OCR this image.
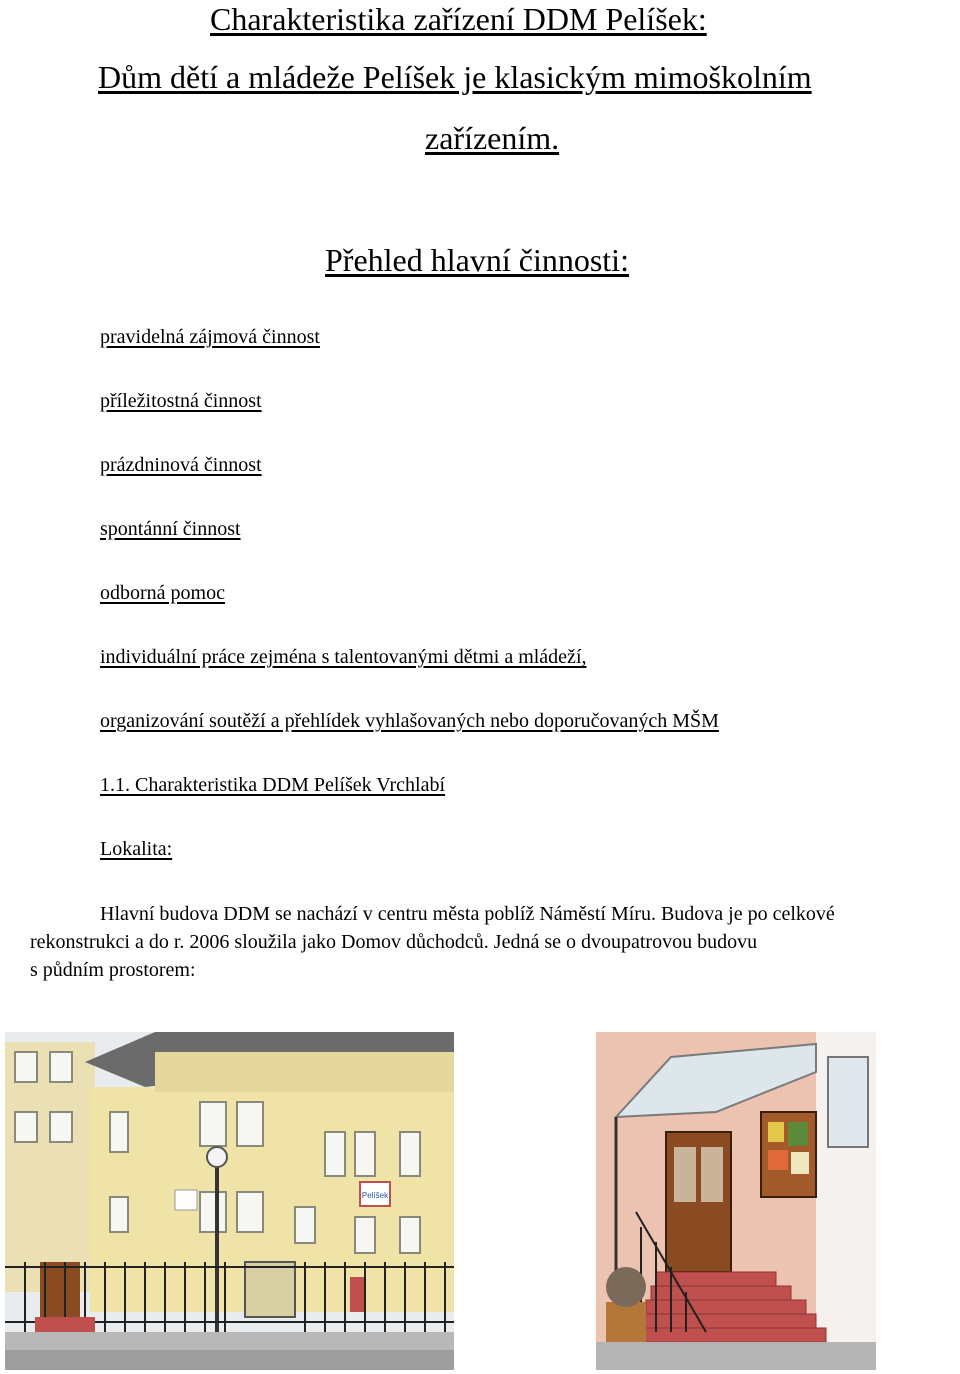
Charakteristika zařízení DDM Pelíšek:
Dům dětí a mládeže Pelíšek je klasickým mimoškolním
zařízením.
Přehled hlavní činnosti:
pravidelná zájmová činnost
příležitostná činnost
prázdninová činnost
spontánní činnost
odborná pomoc
individuální práce zejména s talentovanými dětmi a mládeží,
organizování soutěží a přehlídek vyhlašovaných nebo doporučovaných MŠM
1.1. Charakteristika DDM Pelíšek Vrchlabí
Lokalita:
Hlavní budova DDM se nachází v centru města poblíž Náměstí Míru. Budova je po celkové
rekonstrukci a do r. 2006 sloužila jako Domov důchodců. Jedná se o dvoupatrovou budovu
s půdním prostorem:
Pelíšek
